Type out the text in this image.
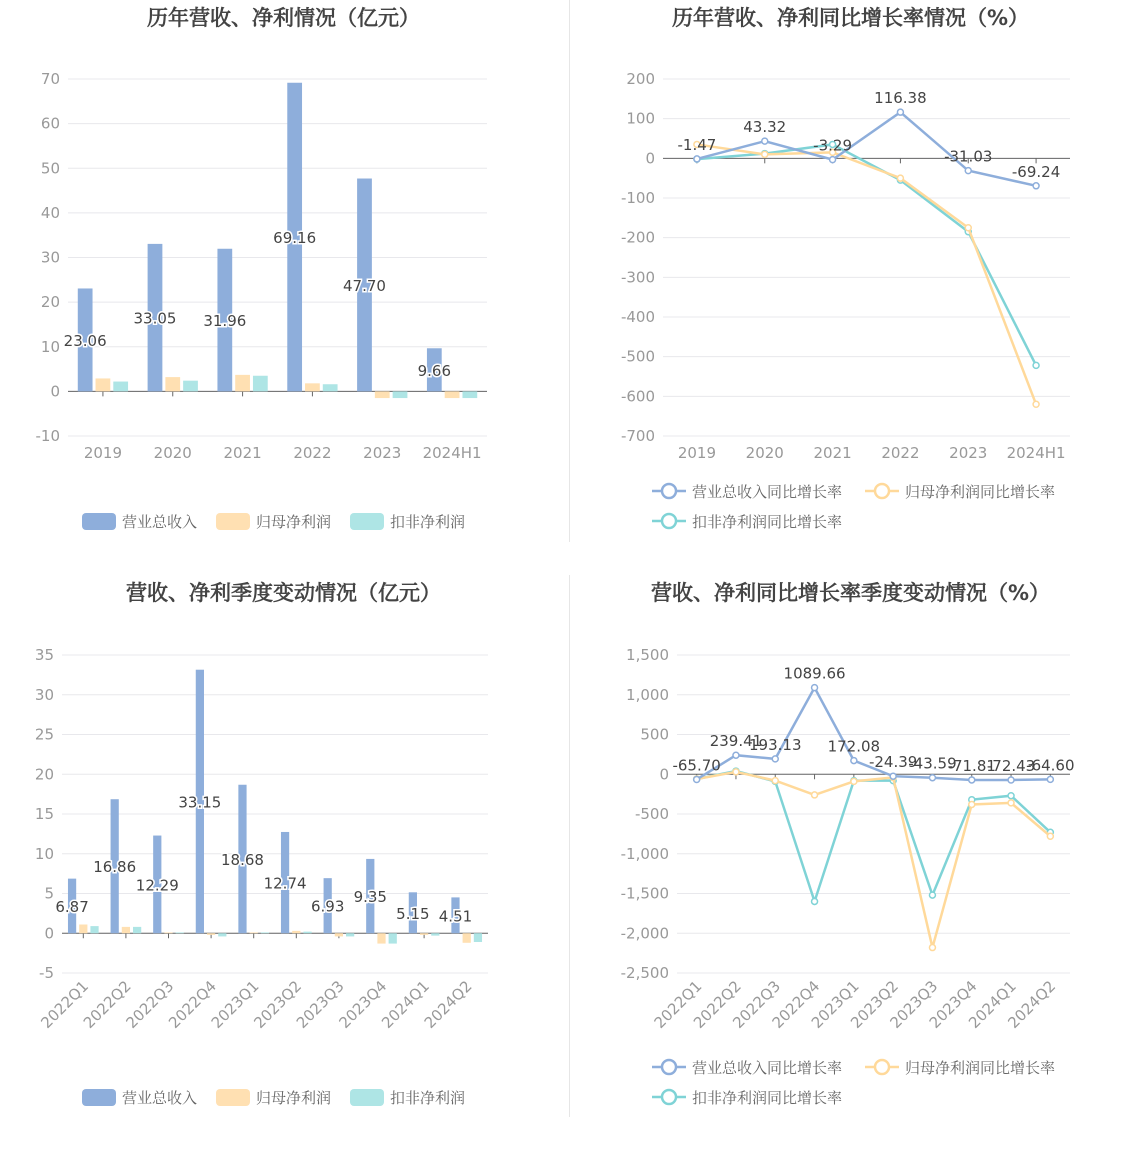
历年营收、净利情况（亿元）
-10
0
10
20
30
40
50
60
70
2019 2020 2021 2022 2023 2024H1
23.06
33.05 31.96
69.16
47.70
9.66
营业总收入	归母净利润	扣非净利润
历年营收、净利同比增长率情况（%）
-700
-600
-500
-400
-300
-200
-100
0
100
200
2019 2020 2021 2022 2023 2024H1
-1.47
43.32
-3.29
116.38
-31.03
-69.24
营业总收入同比增长率	归母净利润同比增长率
扣非净利润同比增长率
营收、净利季度变动情况（亿元）
-5
0
5
10
15
20
25
30
35
2022Q1
2022Q2
2022Q3
2022Q4
2023Q1
2023Q2
2023Q3
2023Q4
2024Q1
2024Q2
6.87
16.86
12.29
33.15
18.68
12.74
6.93
9.35
5.15 4.51
营业总收入	归母净利润	扣非净利润
营收、净利同比增长率季度变动情况（%）
-2,500
-2,000
-1,500
-1,000
-500
0
500
1,000
1,500
2022Q1
2022Q2
2022Q3
2022Q4
2023Q1
2023Q2
2023Q3
2023Q4
2024Q1
2024Q2
-65.70
239.41
193.13
1089.66
172.08
-24.39
-43.59
-71.81
-72.43
-64.60
营业总收入同比增长率	归母净利润同比增长率
扣非净利润同比增长率
